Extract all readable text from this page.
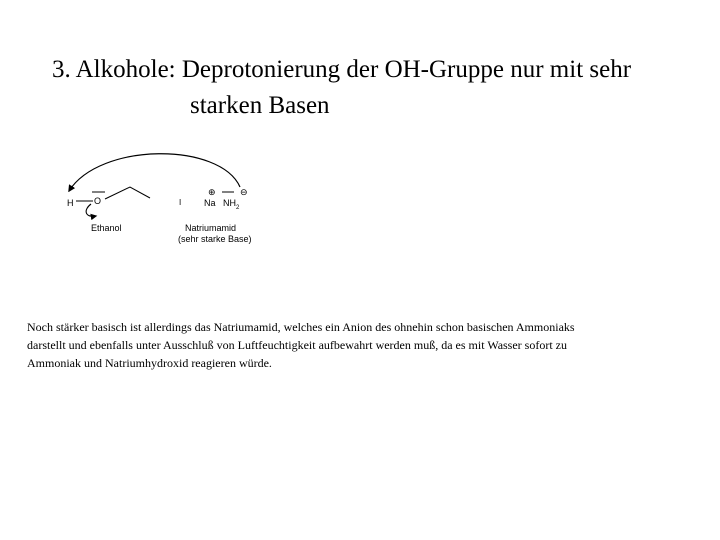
3. Alkohole: Deprotonierung der OH-Gruppe nur mit sehr
starken Basen
H O	I
⊕	⊖
Na $NH_2$
Ethanol	Natriumamid
(sehr starke Base)
Noch stärker basisch ist allerdings das Natriumamid, welches ein Anion des ohnehin schon basischen Ammoniaks
darstellt und ebenfalls unter Ausschluß von Luftfeuchtigkeit aufbewahrt werden muß, da es mit Wasser sofort zu
Ammoniak und Natriumhydroxid reagieren würde.
